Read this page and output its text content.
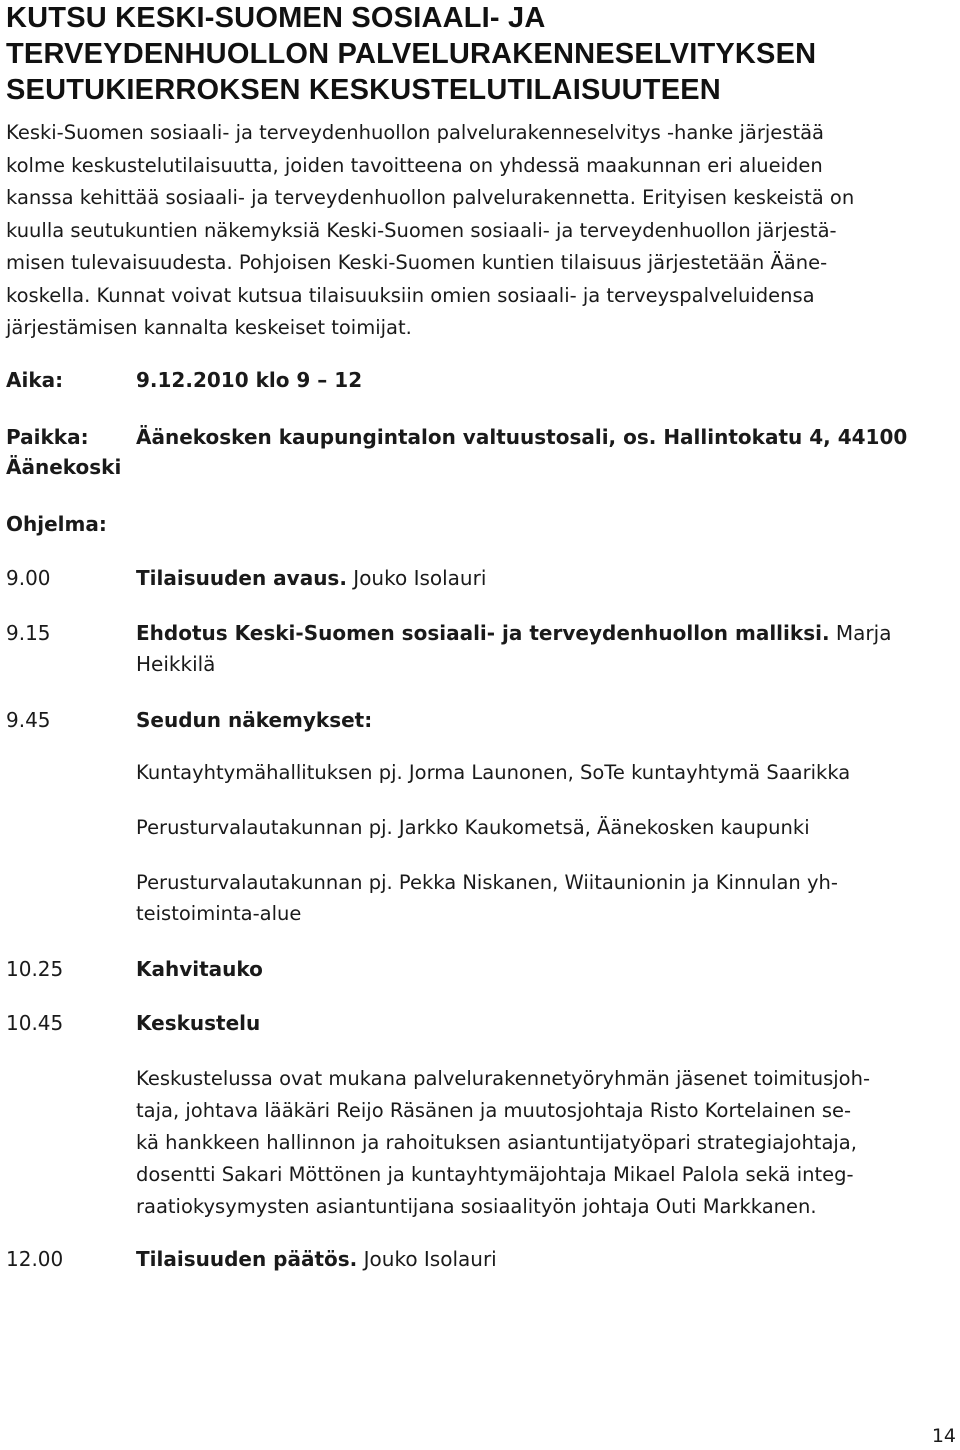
KUTSU KESKI-SUOMEN SOSIAALI- JA
TERVEYDENHUOLLON PALVELURAKENNESELVITYKSEN
SEUTUKIERROKSEN KESKUSTELUTILAISUUTEEN
Keski-Suomen sosiaali- ja terveydenhuollon palvelurakenneselvitys -hanke järjestää
kolme keskustelutilaisuutta, joiden tavoitteena on yhdessä maakunnan eri alueiden
kanssa kehittää sosiaali- ja terveydenhuollon palvelurakennetta. Erityisen keskeistä on
kuulla seutukuntien näkemyksiä Keski-Suomen sosiaali- ja terveydenhuollon järjestä-
misen tulevaisuudesta. Pohjoisen Keski-Suomen kuntien tilaisuus järjestetään Ääne-
koskella. Kunnat voivat kutsua tilaisuuksiin omien sosiaali- ja terveyspalveluidensa
järjestämisen kannalta keskeiset toimijat.
Aika:	9.12.2010 klo 9 – 12
Paikka: Äänekosken kaupungintalon valtuustosali, os. Hallintokatu 4, 44100
Äänekoski
Ohjelma:
9.00	Tilaisuuden avaus. Jouko Isolauri
9.15	Ehdotus Keski-Suomen sosiaali- ja terveydenhuollon malliksi. Marja
Heikkilä
9.45	Seudun näkemykset:
Kuntayhtymähallituksen pj. Jorma Launonen, SoTe kuntayhtymä Saarikka
Perusturvalautakunnan pj. Jarkko Kaukometsä, Äänekosken kaupunki
Perusturvalautakunnan pj. Pekka Niskanen, Wiitaunionin ja Kinnulan yh-
teistoiminta-alue
10.25	Kahvitauko
10.45	Keskustelu
Keskustelussa ovat mukana palvelurakennetyöryhmän jäsenet toimitusjoh-
taja, johtava lääkäri Reijo Räsänen ja muutosjohtaja Risto Kortelainen se-
kä hankkeen hallinnon ja rahoituksen asiantuntijatyöpari strategiajohtaja,
dosentti Sakari Möttönen ja kuntayhtymäjohtaja Mikael Palola sekä integ-
raatiokysymysten asiantuntijana sosiaalityön johtaja Outi Markkanen.
12.00	Tilaisuuden päätös. Jouko Isolauri
14
